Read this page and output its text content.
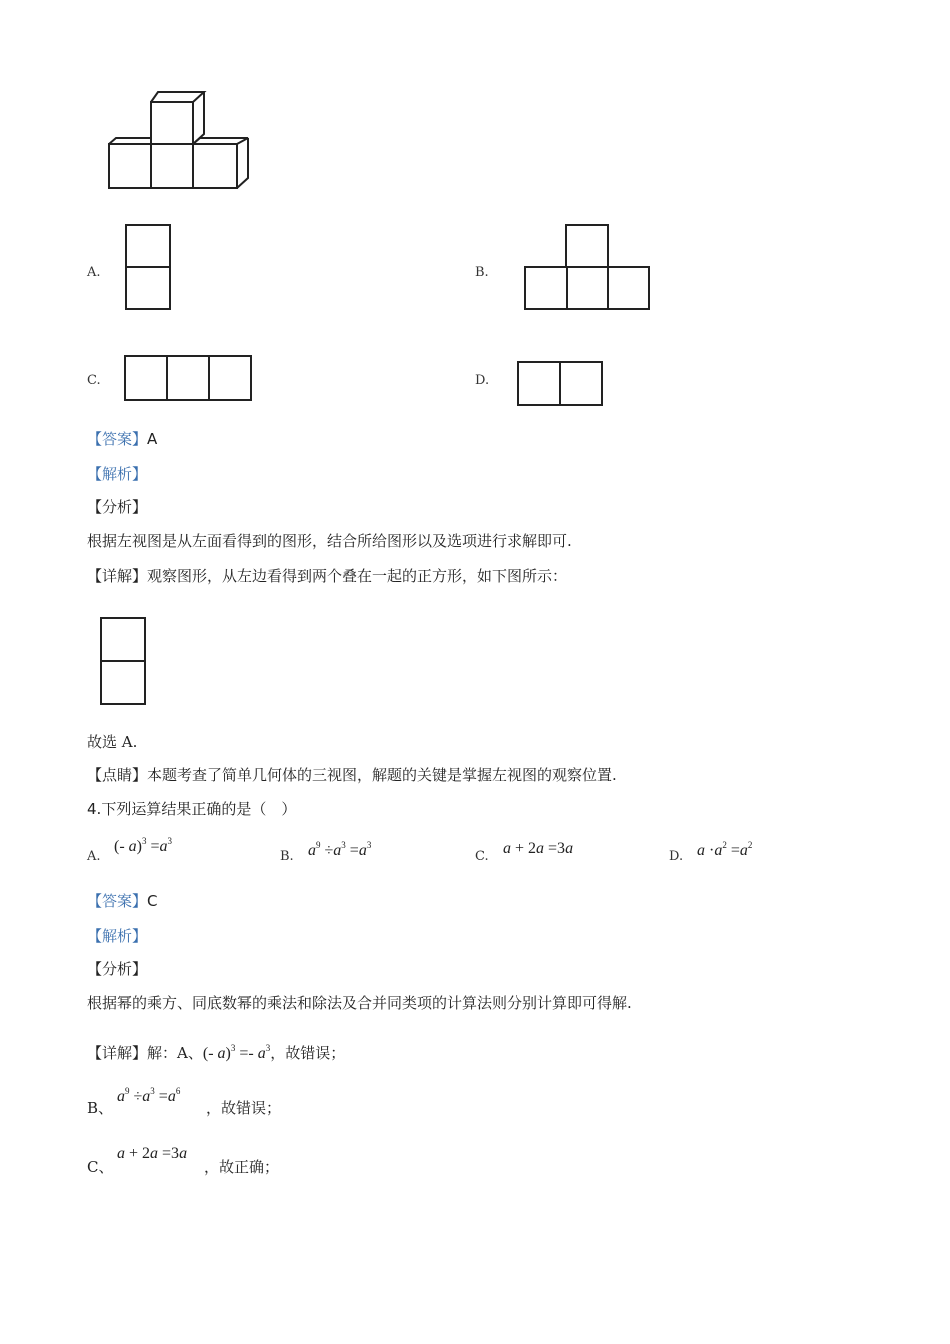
A.	B.
C.	D.
【答案】A
【解析】
【分析】
根据左视图是从左面看得到的图形，结合所给图形以及选项进行求解即可.
【详解】观察图形，从左边看得到两个叠在一起的正方形，如下图所示：
故选 A.
【点睛】本题考查了简单几何体的三视图，解题的关键是掌握左视图的观察位置.
4.下列运算结果正确的是（　）
A.
(- $a)^3 =a^3$
B. $a^9 \div a^3 =a^3$
C. a + 2a =3a	D. $a \cdot a^2 =a^2$
【答案】C
【解析】
【分析】
根据幂的乘方、同底数幂的乘法和除法及合并同类项的计算法则分别计算即可得解.
【详解】解：A、(- $a)^3 =- a^3$，故错误；
B、
$a^9 \div a^3 =a^6$
，故错误；
C、
a + 2a =3a
，故正确；
